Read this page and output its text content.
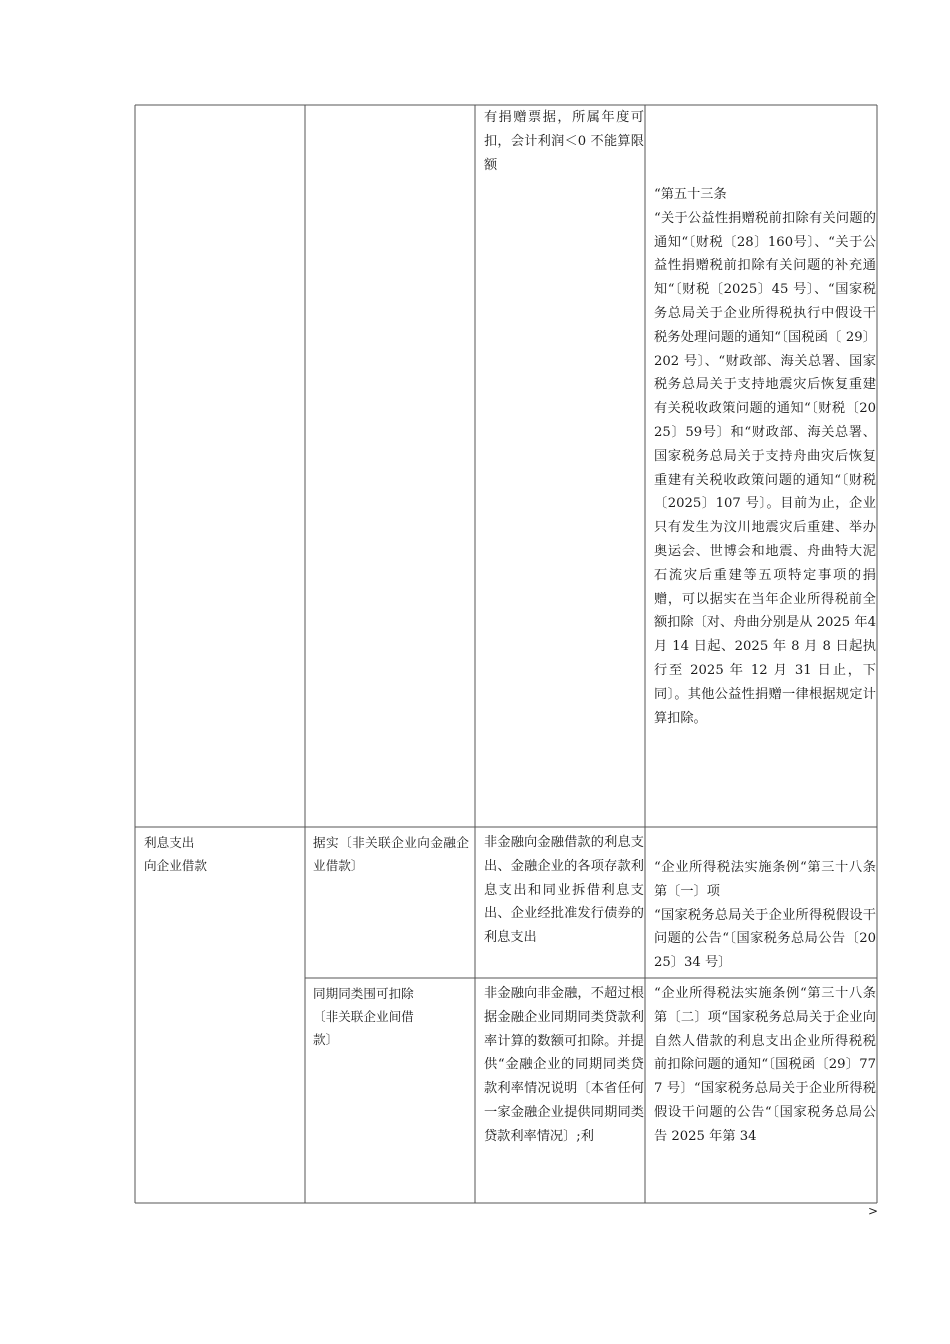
有捐赠票据，所属年度可扣，会计利润＜0 不能算限额
“第五十三条
“关于公益性捐赠税前扣除有关问题的通知“〔财税〔28〕160号〕、“关于公益性捐赠税前扣除有关问题的补充通知“〔财税〔2025〕45 号〕、“国家税务总局关于企业所得税执行中假设干税务处理问题的通知“〔国税函〔 29〕202 号〕、“财政部、海关总署、国家税务总局关于支持地震灾后恢复重建有关税收政策问题的通知“〔财税〔2025〕59号〕和“财政部、海关总署、国家税务总局关于支持舟曲灾后恢复重建有关税收政策问题的通知“〔财税〔2025〕107 号〕。目前为止，企业只有发生为汶川地震灾后重建、举办奥运会、世博会和地震、舟曲特大泥石流灾后重建等五项特定事项的捐赠，可以据实在当年企业所得税前全额扣除〔对、舟曲分别是从 2025 年4 月 14 日起、2025 年 8 月 8 日起执行至 2025 年 12 月 31 日止，下同〕。其他公益性捐赠一律根据规定计算扣除。
利息支出
向企业借款
据实〔非关联企业向金融企业借款〕
非金融向金融借款的利息支出、金融企业的各项存款利息支出和同业拆借利息支出、企业经批准发行债券的利息支出
“企业所得税法实施条例“第三十八条第〔一〕项
“国家税务总局关于企业所得税假设干问题的公告“〔国家税务总局公告〔2025〕34 号〕
同期同类围可扣除
〔非关联企业间借
款〕
非金融向非金融，不超过根据金融企业同期同类贷款利率计算的数额可扣除。并提供“金融企业的同期同类贷款利率情况说明〔本省任何一家金融企业提供同期同类贷款利率情况〕;利
“企业所得税法实施条例“第三十八条第〔二〕项“国家税务总局关于企业向自然人借款的利息支出企业所得税税前扣除问题的通知“〔国税函〔29〕777 号〕“国家税务总局关于企业所得税假设干问题的公告“〔国家税务总局公告 2025 年第 34
>
